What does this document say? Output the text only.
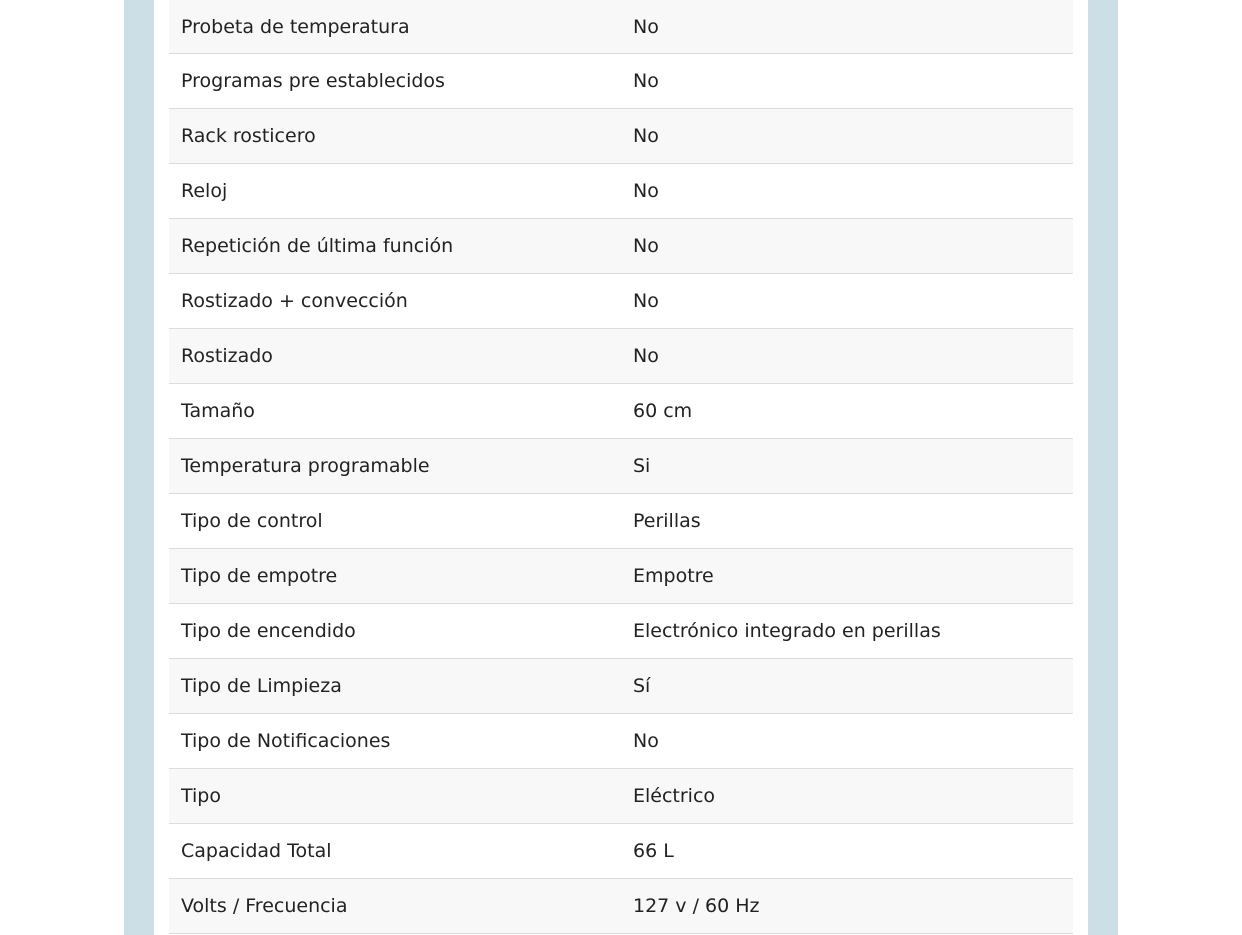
Probeta de temperatura	No
Programas pre establecidos	No
Rack rosticero	No
Reloj	No
Repetición de última función	No
Rostizado + convección	No
Rostizado	No
Tamaño	60 cm
Temperatura programable	Si
Tipo de control	Perillas
Tipo de empotre	Empotre
Tipo de encendido	Electrónico integrado en perillas
Tipo de Limpieza	Sí
Tipo de Notificaciones	No
Tipo	Eléctrico
Capacidad Total	66 L
Volts / Frecuencia	127 v / 60 Hz
